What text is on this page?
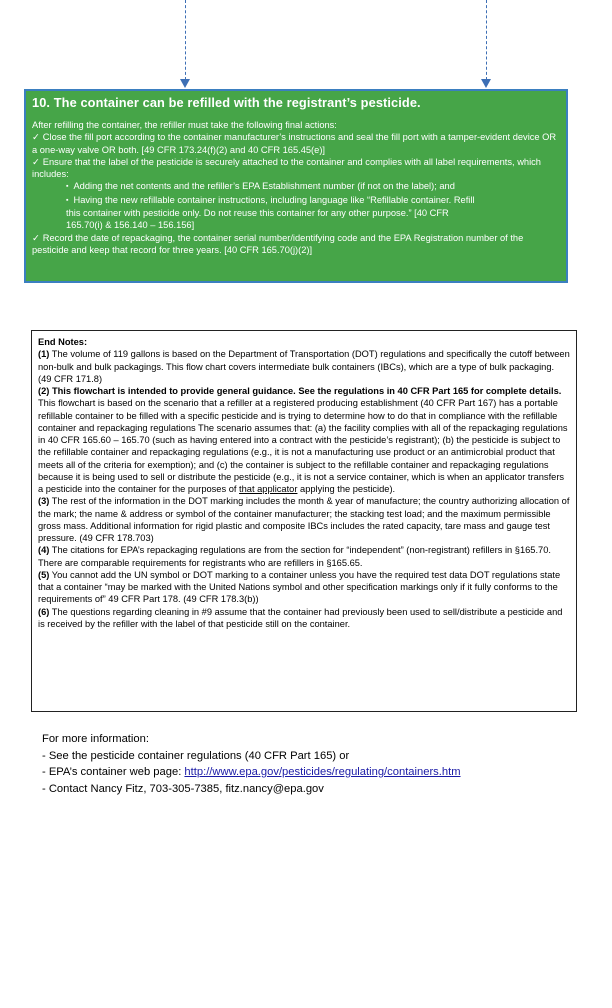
10. The container can be refilled with the registrant’s pesticide.

After refilling the container, the refiller must take the following final actions:

✓ Close the fill port according to the container manufacturer’s instructions and seal the fill port with a tamper-evident device OR a one-way valve OR both. [49 CFR 173.24(f)(2) and 40 CFR 165.45(e)]

✓ Ensure that the label of the pesticide is securely attached to the container and complies with all label requirements, which includes:

▪ Adding the net contents and the refiller’s EPA Establishment number (if not on the label); and

▪ Having the new refillable container instructions, including language like “Refillable container. Refill

this container with pesticide only. Do not reuse this container for any other purpose.” [40 CFR

165.70(i) & 156.140 – 156.156]

✓ Record the date of repackaging, the container serial number/identifying code and the EPA Registration number of the pesticide and keep that record for three years. [40 CFR 165.70(j)(2)]

End Notes:

(1) The volume of 119 gallons is based on the Department of Transportation (DOT) regulations and specifically the cutoff between non-bulk and bulk packagings. This flow chart covers intermediate bulk containers (IBCs), which are a type of bulk packaging. (49 CFR 171.8)

(2) This flowchart is intended to provide general guidance. See the regulations in 40 CFR Part 165 for complete details. This flowchart is based on the scenario that a refiller at a registered producing establishment (40 CFR Part 167) has a portable refillable container to be filled with a specific pesticide and is trying to determine how to do that in compliance with the refillable container and repackaging regulations The scenario assumes that: (a) the facility complies with all of the repackaging regulations in 40 CFR 165.60 – 165.70 (such as having entered into a contract with the pesticide’s registrant); (b) the pesticide is subject to the refillable container and repackaging regulations (e.g., it is not a manufacturing use product or an antimicrobial product that meets all of the criteria for exemption); and (c) the container is subject to the refillable container and repackaging regulations because it is being used to sell or distribute the pesticide (e.g., it is not a service container, which is when an applicator transfers a pesticide into the container for the purposes of that applicator applying the pesticide).

(3) The rest of the information in the DOT marking includes the month & year of manufacture; the country authorizing allocation of the mark; the name & address or symbol of the container manufacturer; the stacking test load; and the maximum permissible gross mass. Additional information for rigid plastic and composite IBCs includes the rated capacity, tare mass and gauge test pressure. (49 CFR 178.703)

(4) The citations for EPA’s repackaging regulations are from the section for “independent” (non-registrant) refillers in §165.70. There are comparable requirements for registrants who are refillers in §165.65.

(5) You cannot add the UN symbol or DOT marking to a container unless you have the required test data DOT regulations state that a container “may be marked with the United Nations symbol and other specification markings only if it fully conforms to the requirements of” 49 CFR Part 178. (49 CFR 178.3(b))

(6) The questions regarding cleaning in #9 assume that the container had previously been used to sell/distribute a pesticide and is received by the refiller with the label of that pesticide still on the container.

For more information:

- See the pesticide container regulations (40 CFR Part 165) or

- EPA’s container web page: http://www.epa.gov/pesticides/regulating/containers.htm

- Contact Nancy Fitz, 703-305-7385, fitz.nancy@epa.gov
